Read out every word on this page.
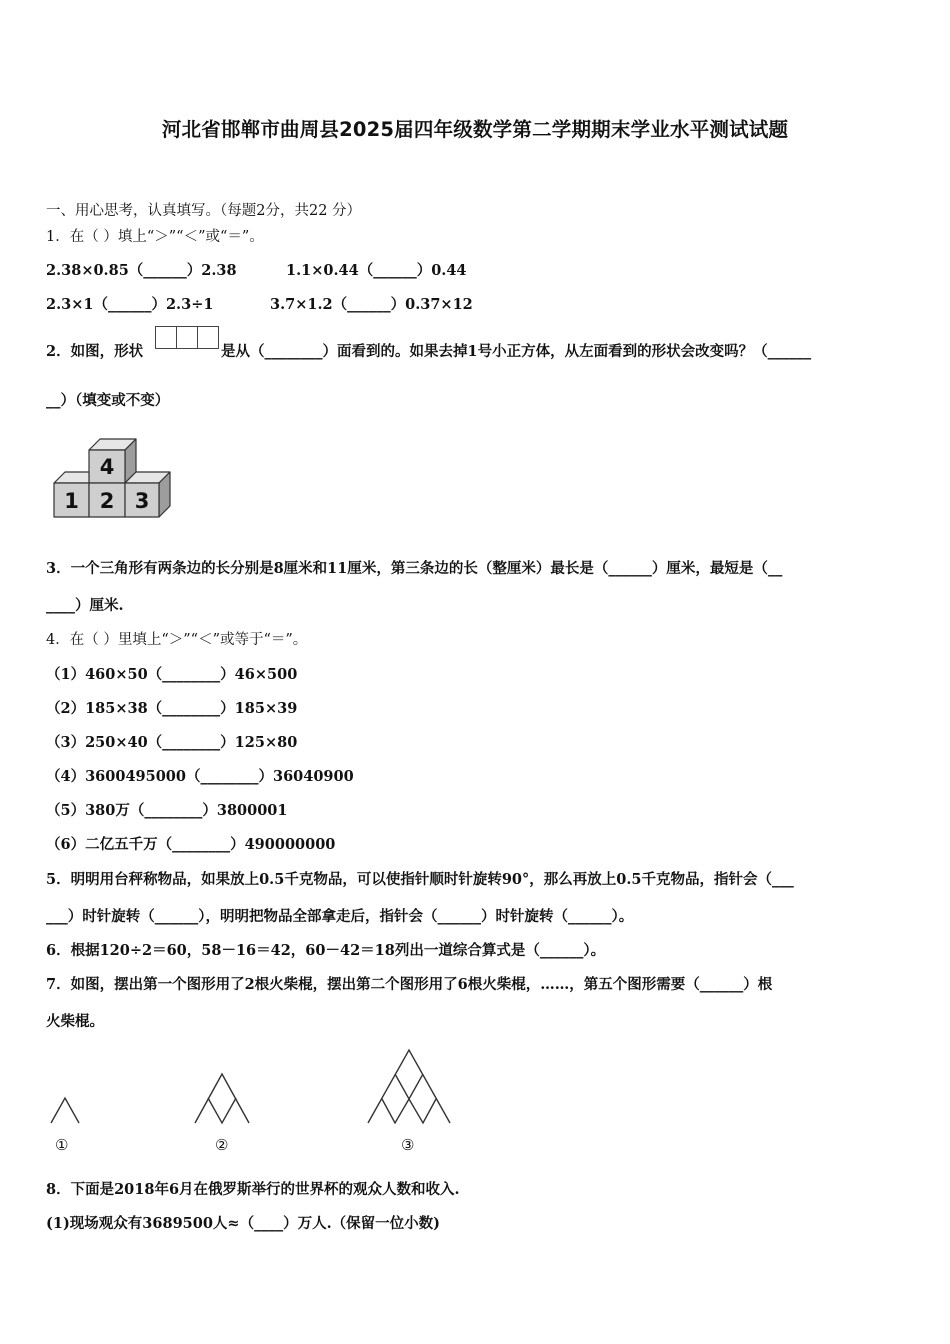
河北省邯郸市曲周县2025届四年级数学第二学期期末学业水平测试试题
一、用心思考，认真填写。（每题2分，共22 分）
1．在（ ）填上“＞”“＜”或“＝”。
2.38×0.85（______）2.38	1.1×0.44（______）0.44
2.3×1（______）2.3÷1	3.7×1.2（______）0.37×12
2．如图，形状	是从（________）面看到的。如果去掉1号小正方体，从左面看到的形状会改变吗？（______
__）（填变或不变）
1 2 3
4
3．一个三角形有两条边的长分别是8厘米和11厘米，第三条边的长（整厘米）最长是（______）厘米，最短是（__
____）厘米.
4．在（ ）里填上“＞”“＜”或等于“＝”。
（1）460×50（________）46×500
（2）185×38（________）185×39
（3）250×40（________）125×80
（4）3600495000（________）36040900
（5）380万（________）3800001
（6）二亿五千万（________）490000000
5．明明用台秤称物品，如果放上0.5千克物品，可以使指针顺时针旋转90°，那么再放上0.5千克物品，指针会（___
___）时针旋转（______），明明把物品全部拿走后，指针会（______）时针旋转（______）。
6．根据120÷2＝60，58－16＝42，60－42＝18列出一道综合算式是（______）。
7．如图，摆出第一个图形用了2根火柴棍，摆出第二个图形用了6根火柴棍，……，第五个图形需要（______）根
火柴棍。
①	②	③
8．下面是2018年6月在俄罗斯举行的世界杯的观众人数和收入.
(1)现场观众有3689500人≈（____）万人.（保留一位小数)
